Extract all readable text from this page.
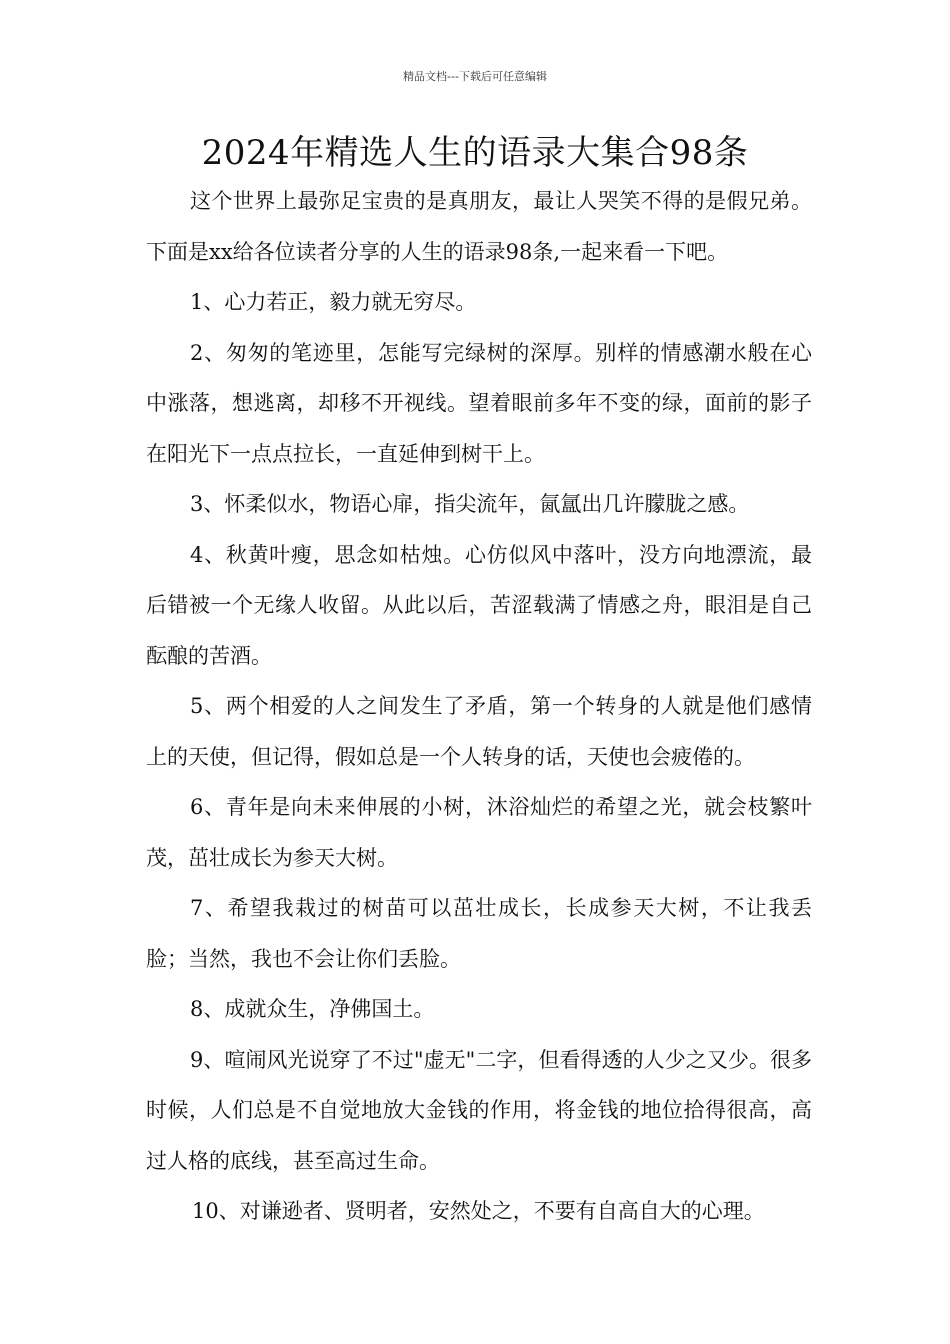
精品文档---下载后可任意编辑
2024年精选人生的语录大集合98条

这个世界上最弥足宝贵的是真朋友，最让人哭笑不得的是假兄弟。下面是xx给各位读者分享的人生的语录98条,一起来看一下吧。

1、心力若正，毅力就无穷尽。

2、匆匆的笔迹里，怎能写完绿树的深厚。别样的情感潮水般在心中涨落，想逃离，却移不开视线。望着眼前多年不变的绿，面前的影子在阳光下一点点拉长，一直延伸到树干上。

3、怀柔似水，物语心扉，指尖流年，氤氲出几许朦胧之感。

4、秋黄叶瘦，思念如枯烛。心仿似风中落叶，没方向地漂流，最后错被一个无缘人收留。从此以后，苦涩载满了情感之舟，眼泪是自己酝酿的苦酒。

5、两个相爱的人之间发生了矛盾，第一个转身的人就是他们感情上的天使，但记得，假如总是一个人转身的话，天使也会疲倦的。

6、青年是向未来伸展的小树，沐浴灿烂的希望之光，就会枝繁叶茂，茁壮成长为参天大树。

7、希望我栽过的树苗可以茁壮成长，长成参天大树，不让我丢脸；当然，我也不会让你们丢脸。

8、成就众生，净佛国土。

9、喧闹风光说穿了不过"虚无"二字，但看得透的人少之又少。很多时候，人们总是不自觉地放大金钱的作用，将金钱的地位拾得很高，高过人格的底线，甚至高过生命。

10、对谦逊者、贤明者，安然处之，不要有自高自大的心理。
